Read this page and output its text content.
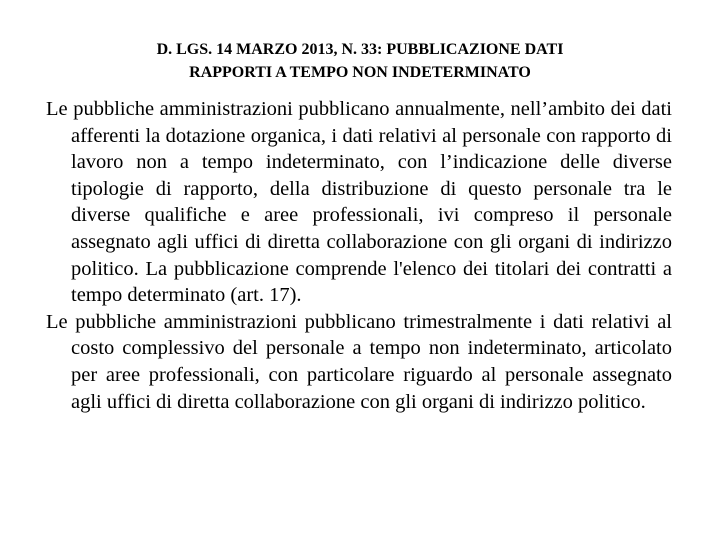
D. LGS. 14 MARZO 2013, N. 33: PUBBLICAZIONE DATI
RAPPORTI A TEMPO NON INDETERMINATO

Le pubbliche amministrazioni pubblicano annualmente, nell’ambito dei dati afferenti la dotazione organica, i dati relativi al personale con rapporto di lavoro non a tempo indeterminato, con l’indicazione delle diverse tipologie di rapporto, della distribuzione di questo personale tra le diverse qualifiche e aree professionali, ivi compreso il personale assegnato agli uffici di diretta collaborazione con gli organi di indirizzo politico. La pubblicazione comprende l'elenco dei titolari dei contratti a tempo determinato (art. 17).

Le pubbliche amministrazioni pubblicano trimestralmente i dati relativi al costo complessivo del personale a tempo non indeterminato, articolato per aree professionali, con particolare riguardo al personale assegnato agli uffici di diretta collaborazione con gli organi di indirizzo politico.
